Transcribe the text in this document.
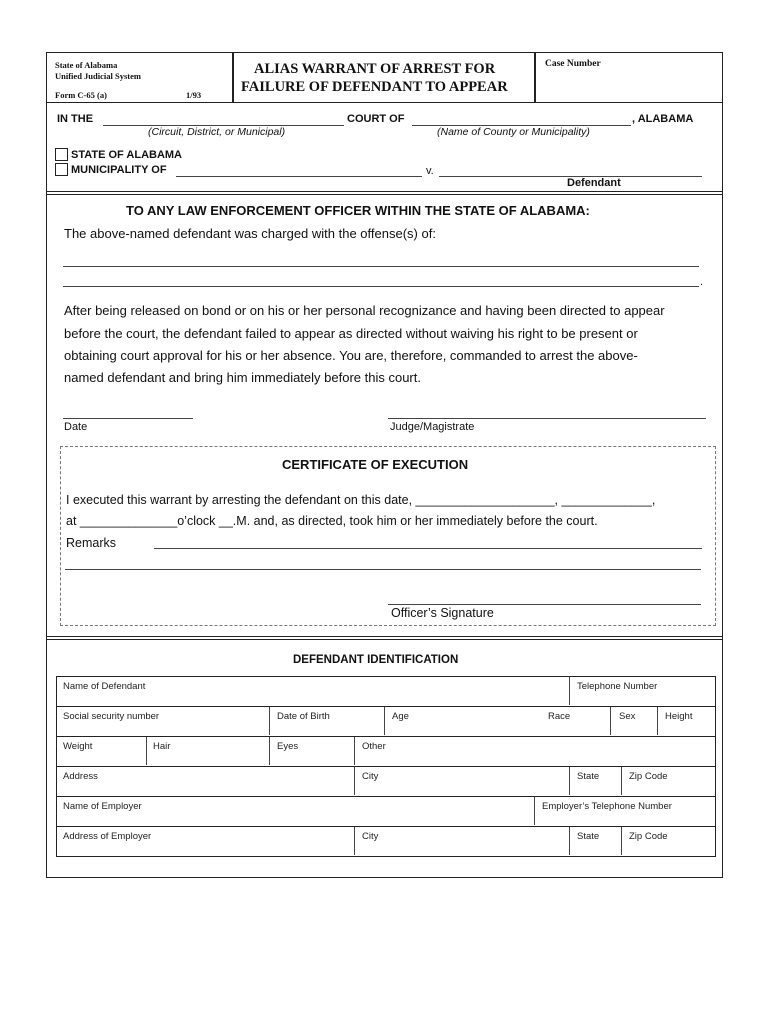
State of Alabama
Unified Judicial System
Form C-65 (a)	1/93
ALIAS WARRANT OF ARREST FOR
FAILURE OF DEFENDANT TO APPEAR
Case Number
IN THE	COURT OF	, ALABAMA
(Circuit, District, or Municipal)	(Name of County or Municipality)
STATE OF ALABAMA
MUNICIPALITY OF	v.
Defendant
TO ANY LAW ENFORCEMENT OFFICER WITHIN THE STATE OF ALABAMA:
The above-named defendant was charged with the offense(s) of:
.
After being released on bond or on his or her personal recognizance and having been directed to appear
before the court, the defendant failed to appear as directed without waiving his right to be present or
obtaining court approval for his or her absence. You are, therefore, commanded to arrest the above-
named defendant and bring him immediately before this court.
Date	Judge/Magistrate
CERTIFICATE OF EXECUTION
I executed this warrant by arresting the defendant on this date, ____________________, _____________,
at ______________o’clock __.M. and, as directed, took him or her immediately before the court.
Remarks
Officer’s Signature
DEFENDANT IDENTIFICATION
Name of Defendant	Telephone Number
Social security number	Date of Birth	Age	Race	Sex	Height
Weight	Hair	Eyes	Other
Address	City	State	Zip Code
Name of Employer	Employer’s Telephone Number
Address of Employer	City	State	Zip Code
